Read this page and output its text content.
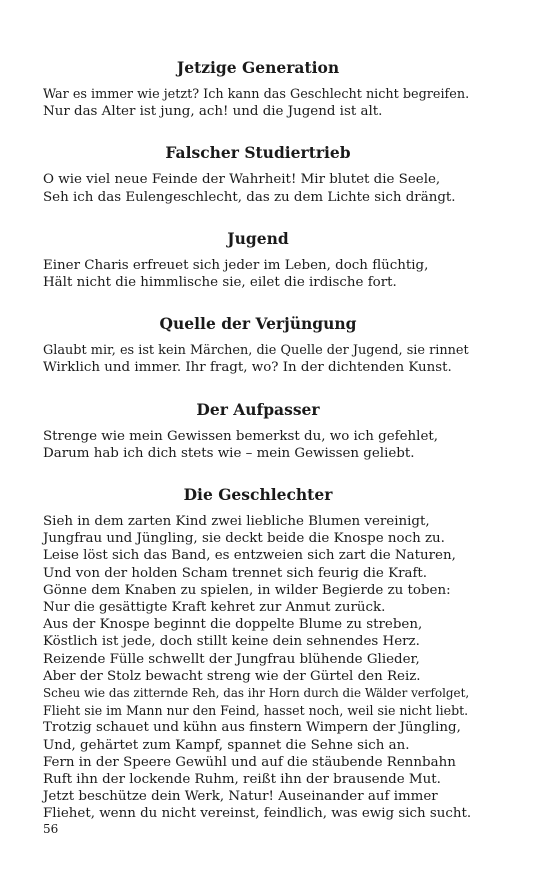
Jetzige Generation
War es immer wie jetzt? Ich kann das Geschlecht nicht begreifen.
Nur das Alter ist jung, ach! und die Jugend ist alt.
Falscher Studiertrieb
O wie viel neue Feinde der Wahrheit! Mir blutet die Seele,
Seh ich das Eulengeschlecht, das zu dem Lichte sich drängt.
Jugend
Einer Charis erfreuet sich jeder im Leben, doch flüchtig,
Hält nicht die himmlische sie, eilet die irdische fort.
Quelle der Verjüngung
Glaubt mir, es ist kein Märchen, die Quelle der Jugend, sie rinnet
Wirklich und immer. Ihr fragt, wo? In der dichtenden Kunst.
Der Aufpasser
Strenge wie mein Gewissen bemerkst du, wo ich gefehlet,
Darum hab ich dich stets wie – mein Gewissen geliebt.
Die Geschlechter
Sieh in dem zarten Kind zwei liebliche Blumen vereinigt,
Jungfrau und Jüngling, sie deckt beide die Knospe noch zu.
Leise löst sich das Band, es entzweien sich zart die Naturen,
Und von der holden Scham trennet sich feurig die Kraft.
Gönne dem Knaben zu spielen, in wilder Begierde zu toben:
Nur die gesättigte Kraft kehret zur Anmut zurück.
Aus der Knospe beginnt die doppelte Blume zu streben,
Köstlich ist jede, doch stillt keine dein sehnendes Herz.
Reizende Fülle schwellt der Jungfrau blühende Glieder,
Aber der Stolz bewacht streng wie der Gürtel den Reiz.
Scheu wie das zitternde Reh, das ihr Horn durch die Wälder verfolget,
Flieht sie im Mann nur den Feind, hasset noch, weil sie nicht liebt.
Trotzig schauet und kühn aus finstern Wimpern der Jüngling,
Und, gehärtet zum Kampf, spannet die Sehne sich an.
Fern in der Speere Gewühl und auf die stäubende Rennbahn
Ruft ihn der lockende Ruhm, reißt ihn der brausende Mut.
Jetzt beschütze dein Werk, Natur! Auseinander auf immer
Fliehet, wenn du nicht vereinst, feindlich, was ewig sich sucht.
56
